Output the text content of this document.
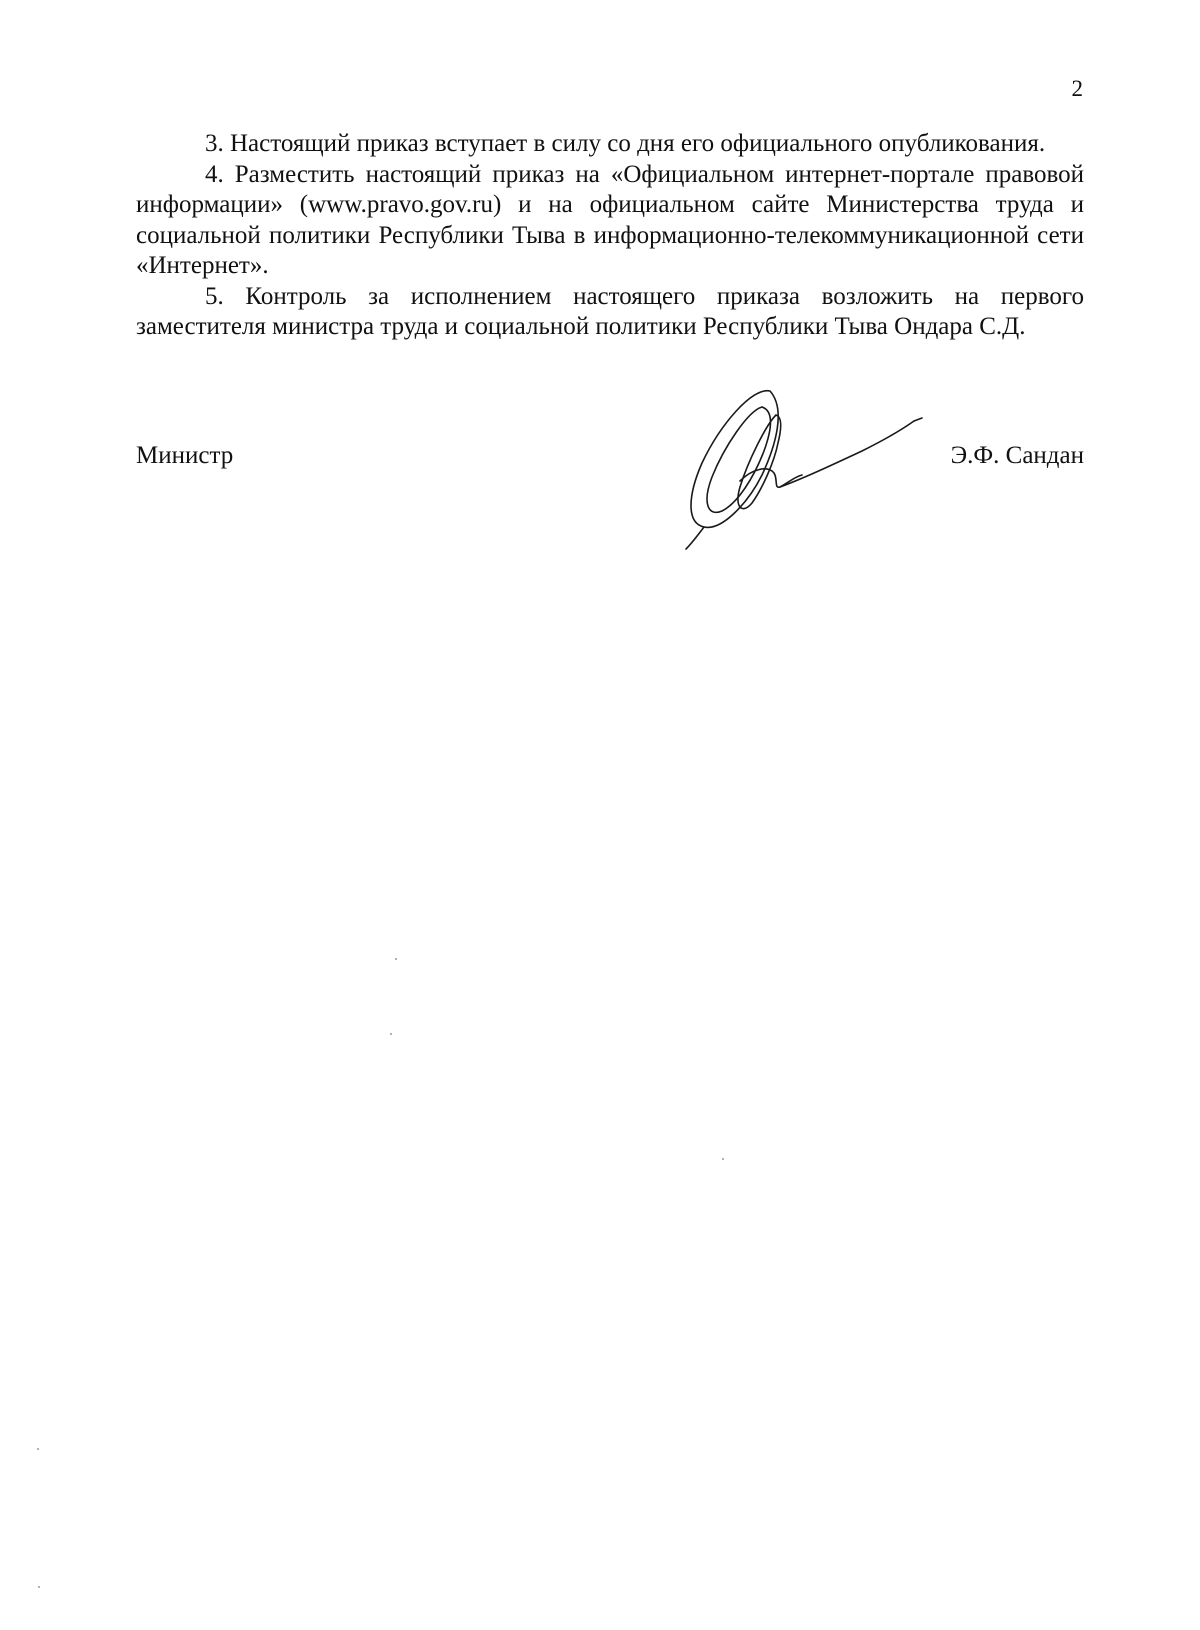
2

3. Настоящий приказ вступает в силу со дня его официального опубликования.

4. Разместить настоящий приказ на «Официальном интернет-портале правовой информации» (www.pravo.gov.ru) и на официальном сайте Министерства труда и социальной политики Республики Тыва в информационно-телекоммуникационной сети «Интернет».

5. Контроль за исполнением настоящего приказа возложить на первого заместителя министра труда и социальной политики Республики Тыва Ондара С.Д.

Министр	Э.Ф. Сандан
